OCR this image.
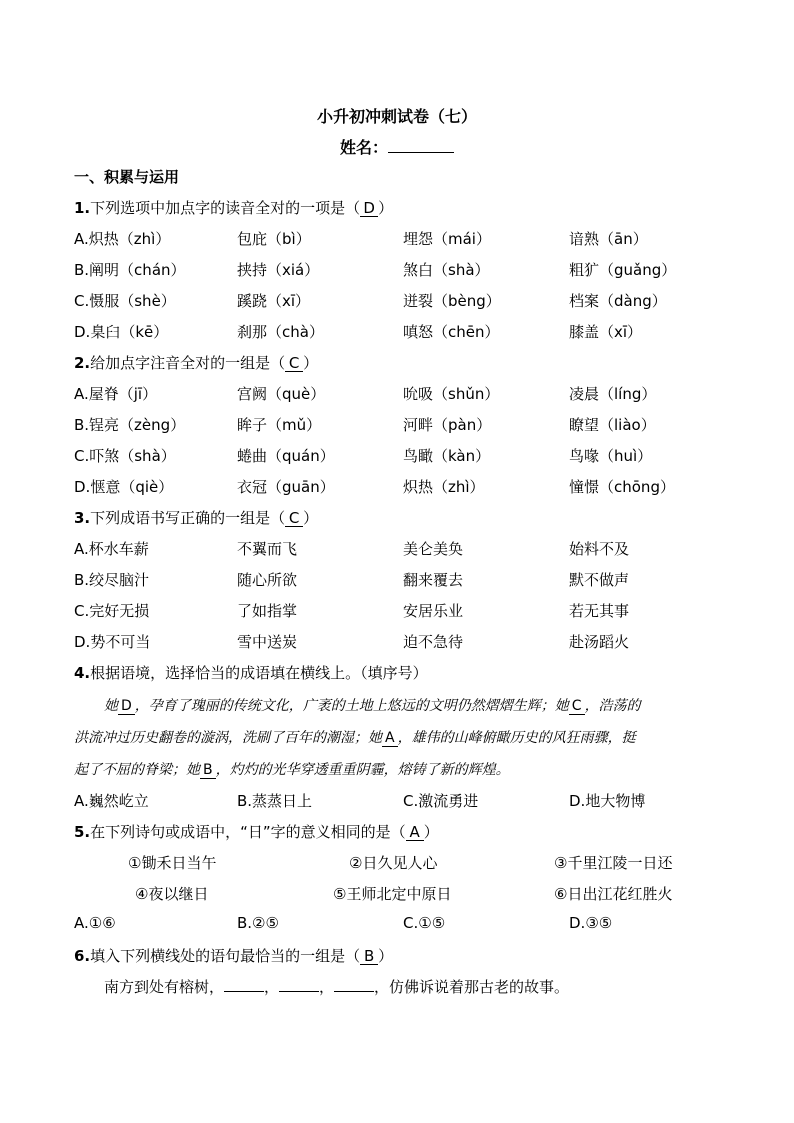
小升初冲刺试卷（七）
姓名：
一、积累与运用
1.下列选项中加点字的读音全对的一项是（ D ）
A.炽热（zhì）	包庇（bì）	埋怨（mái）	谙熟（ān）
B.阐明（chán）	挟持（xiá）	煞白（shà）	粗犷（guǎng）
C.慑服（shè）	蹊跷（xī）	迸裂（bèng）	档案（dàng）
D.臬臼（kē）	刹那（chà）	嗔怒（chēn）	膝盖（xī）
2.给加点字注音全对的一组是（ C ）
A.屋脊（jī）	宫阙（què）	吮吸（shǔn）	凌晨（líng）
B.锃亮（zèng）	眸子（mǔ）	河畔（pàn）	瞭望（liào）
C.吓煞（shà）	蜷曲（quán）	鸟瞰（kàn）	鸟喙（huì）
D.惬意（qiè）	衣冠（guān）	炽热（zhì）	憧憬（chōng）
3.下列成语书写正确的一组是（ C ）
A.杯水车薪	不翼而飞	美仑美奂	始料不及
B.绞尽脑汁	随心所欲	翻来覆去	默不做声
C.完好无损	了如指掌	安居乐业	若无其事
D.势不可当	雪中送炭	迫不急待	赴汤蹈火
4.根据语境，选择恰当的成语填在横线上。（填序号）
她 D ，孕育了瑰丽的传统文化，广袤的土地上悠远的文明仍然熠熠生辉；她 C ，浩荡的
洪流冲过历史翻卷的漩涡，洗刷了百年的潮湿；她 A ，雄伟的山峰俯瞰历史的风狂雨骤，挺
起了不屈的脊梁；她 B ，灼灼的光华穿透重重阴霾，熔铸了新的辉煌。
A.巍然屹立	B.蒸蒸日上	C.激流勇进	D.地大物博
5.在下列诗句或成语中，“日”字的意义相同的是（ A ）
①锄禾日当午	②日久见人心	③千里江陵一日还
④夜以继日	⑤王师北定中原日	⑥日出江花红胜火
A.①⑥	B.②⑤	C.①⑤	D.③⑤
6.填入下列横线处的语句最恰当的一组是（ B ）
南方到处有榕树，	，	，	，仿佛诉说着那古老的故事。
